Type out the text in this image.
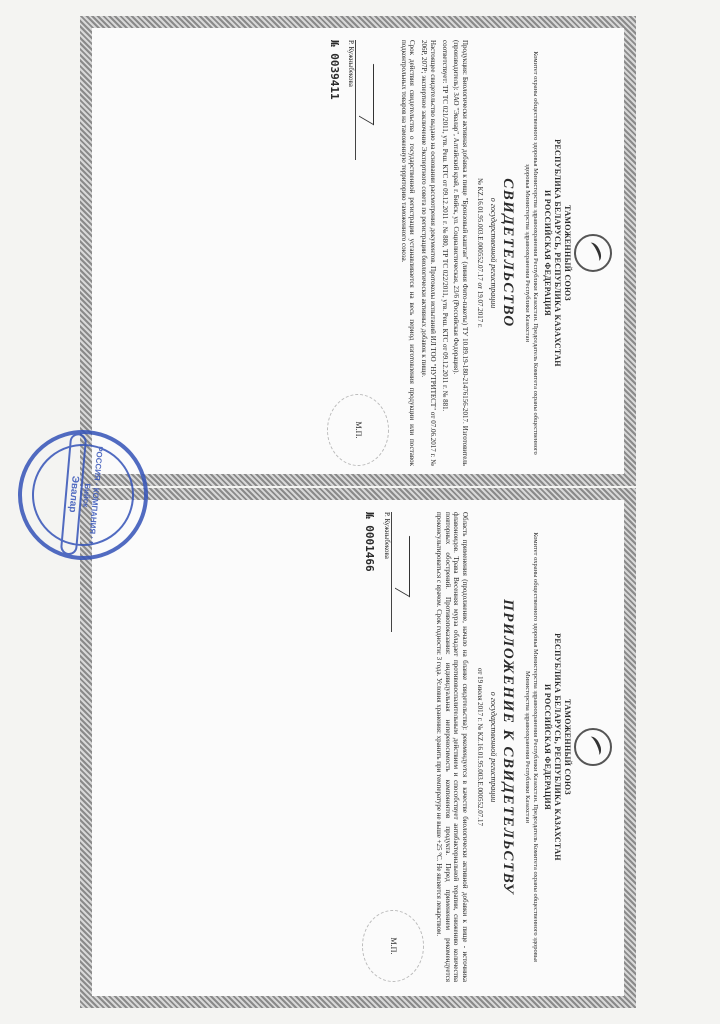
ТАМОЖЕННЫЙ СОЮЗ
РЕСПУБЛИКА БЕЛАРУСЬ, РЕСПУБЛИКА КАЗАХСТАН
И РОССИЙСКАЯ ФЕДЕРАЦИЯ
Комитет охраны общественного здоровья Министерства здравоохранения Республики Казахстан. Председатель Комитета охраны общественного здоровья Министерства здравоохранения Республики Казахстан
СВИДЕТЕЛЬСТВО
о государственной регистрации
№ KZ.16.01.95.003.Е.000552.07.17 от 19.07.2017 г.

Продукция: Биологически активная добавка к пище "Бронзовый каштан" (линия Фито-пакеты) ТУ 10.89.19-180-21476156-2017. Изготовитель (производитель): ЗАО "Эвалар", Алтайский край, г. Бийск, ул. Социалистическая, 23/6 (Российская Федерация).

соответствует: ТР ТС 021/2011, утв. Реш. КТС от 09.12.2011 г. № 880, ТР ТС 022/2011, утв. Реш. КТС от 09.12.2011 г. № 881.

Настоящее свидетельство выдано на основании рассмотрения документов. Протоколы испытаний ИЛ ТОО "НУТРИТЕСТ" от 07.06.2017 г. № 206Р, 207Р; экспертное заключение Экспертного совета по регистрации биологически активных добавок к пище.

Срок действия свидетельства о государственной регистрации устанавливается на весь период изготовления продукции или поставок подконтрольных товаров на таможенную территорию таможенного союза.

Р. Кужныбекова
№ 0039411
М.П.
ТАМОЖЕННЫЙ СОЮЗ
РЕСПУБЛИКА БЕЛАРУСЬ, РЕСПУБЛИКА КАЗАХСТАН
И РОССИЙСКАЯ ФЕДЕРАЦИЯ
Комитет охраны общественного здоровья Министерства здравоохранения Республики Казахстан. Председатель Комитета охраны общественного здоровья Министерства здравоохранения Республики Казахстан
ПРИЛОЖЕНИЕ К СВИДЕТЕЛЬСТВУ
о государственной регистрации
от 19 июля 2017 г. № KZ.16.01.95.003.Е.000552.07.17

Область применения (продолжение, начало на бланке свидетельства): рекомендуется в качестве биологически активной добавки к пище - источника флавоноидов. Трава Весенняя мурза обладает противовоспалительным действием и способствует антибактериальной терапии, снижению количества повторных обострений. Противопоказания: индивидуальная непереносимость компонентов продукта. Перед применением рекомендуется проконсультироваться с врачом. Срок годности: 3 года. Условия хранения: хранить при температуре не выше +25 °С. Не является лекарством.

Р. Кужныбекова
№ 0001466
М.П.
РОССИЯ · КОМПАНИЯ · г. Бийск
Эвалар
